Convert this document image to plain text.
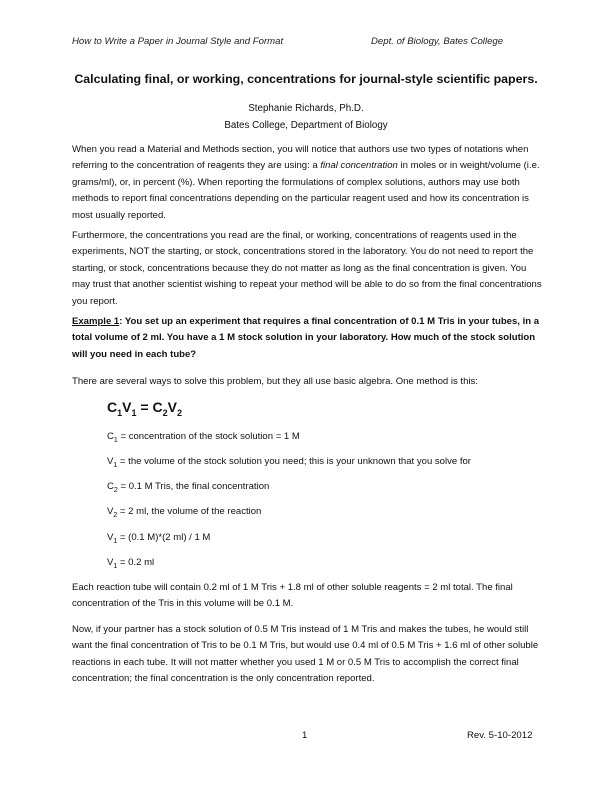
How to Write a Paper in Journal Style and Format	Dept. of Biology, Bates College
Calculating final, or working, concentrations for journal-style scientific papers.
Stephanie Richards, Ph.D.
Bates College, Department of Biology

When you read a Material and Methods section, you will notice that authors use two types of notations when referring to the concentration of reagents they are using: a final concentration in moles or in weight/volume (i.e. grams/ml), or, in percent (%). When reporting the formulations of complex solutions, authors may use both methods to report final concentrations depending on the particular reagent used and how its concentration is most usually reported.

Furthermore, the concentrations you read are the final, or working, concentrations of reagents used in the experiments, NOT the starting, or stock, concentrations stored in the laboratory. You do not need to report the starting, or stock, concentrations because they do not matter as long as the final concentration is given. You may trust that another scientist wishing to repeat your method will be able to do so from the final concentrations you report.

Example 1: You set up an experiment that requires a final concentration of 0.1 M Tris in your tubes, in a total volume of 2 ml. You have a 1 M stock solution in your laboratory. How much of the stock solution will you need in each tube?

There are several ways to solve this problem, but they all use basic algebra. One method is this:

$C_1V_1 = C_2V_2$

$C_1$ = concentration of the stock solution = 1 M

$V_1$ = the volume of the stock solution you need; this is your unknown that you solve for

$C_2 = 0.1$ M Tris, the final concentration

$V_2 = 2$ ml, the volume of the reaction

$V_1 = (0.1$ M)*(2 ml) / 1 M

$V_1 = 0.2$ ml

Each reaction tube will contain 0.2 ml of 1 M Tris + 1.8 ml of other soluble reagents = 2 ml total. The final concentration of the Tris in this volume will be 0.1 M.

Now, if your partner has a stock solution of 0.5 M Tris instead of 1 M Tris and makes the tubes, he would still want the final concentration of Tris to be 0.1 M Tris, but would use 0.4 ml of 0.5 M Tris + 1.6 ml of other soluble reactions in each tube. It will not matter whether you used 1 M or 0.5 M Tris to accomplish the correct final concentration; the final concentration is the only concentration reported.

1	Rev. 5-10-2012
